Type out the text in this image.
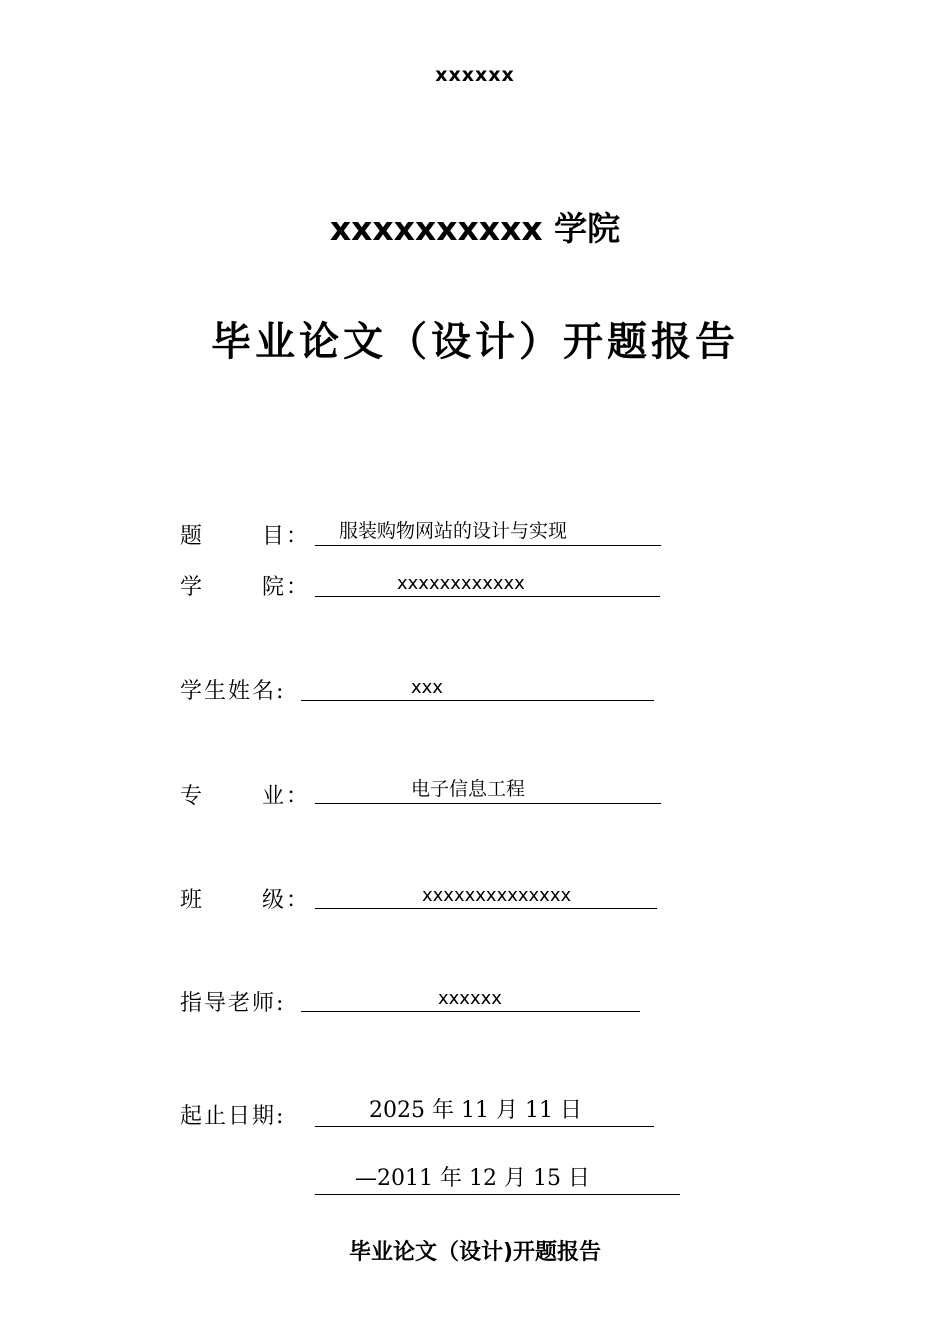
xxxxxx
xxxxxxxxxx 学院
毕业论文（设计）开题报告
题	目： 服装购物网站的设计与实现
学	院：	xxxxxxxxxxxx
学生姓名:	xxx
专	业：	电子信息工程
班	级：	xxxxxxxxxxxxxx
指导老师:	xxxxxx
起止日期:	2025 年 11 月 11 日
—2011 年 12 月 15 日
毕业论文（设计)开题报告
